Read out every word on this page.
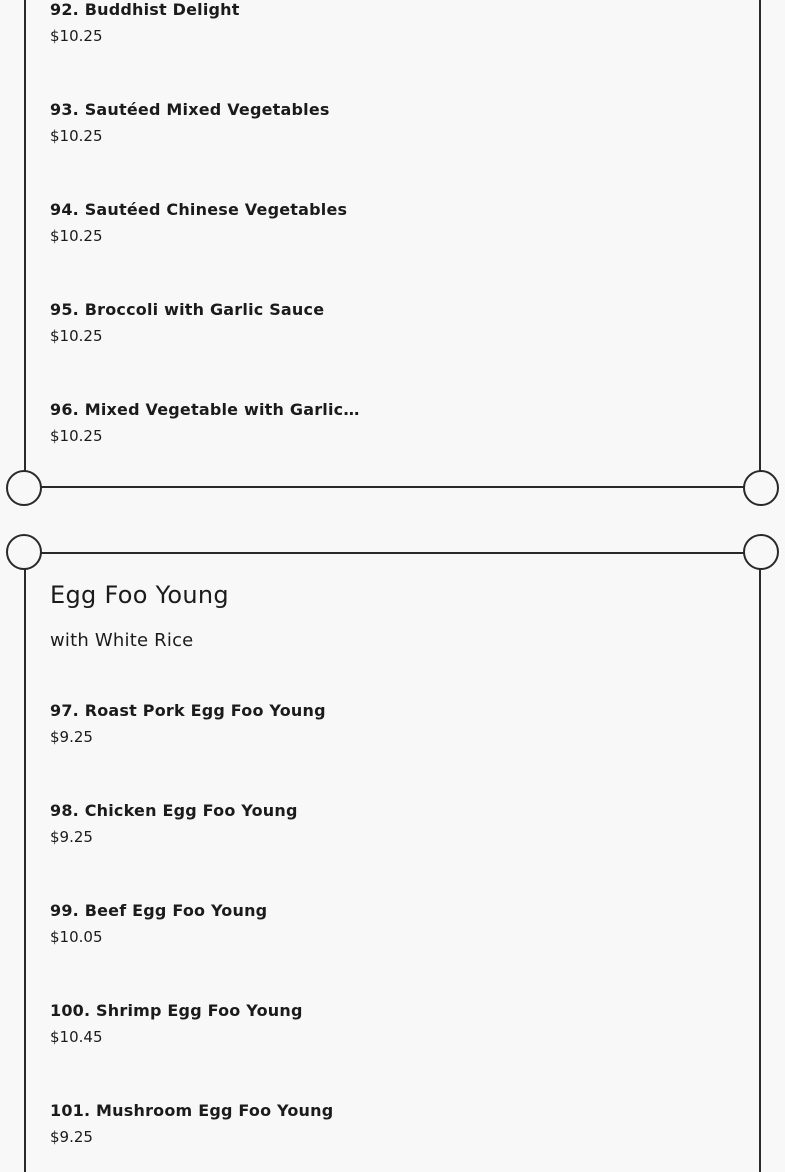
92. Buddhist Delight
$10.25
93. Sautéed Mixed Vegetables
$10.25
94. Sautéed Chinese Vegetables
$10.25
95. Broccoli with Garlic Sauce
$10.25
96. Mixed Vegetable with Garlic…
$10.25
Egg Foo Young
with White Rice
97. Roast Pork Egg Foo Young
$9.25
98. Chicken Egg Foo Young
$9.25
99. Beef Egg Foo Young
$10.05
100. Shrimp Egg Foo Young
$10.45
101. Mushroom Egg Foo Young
$9.25
